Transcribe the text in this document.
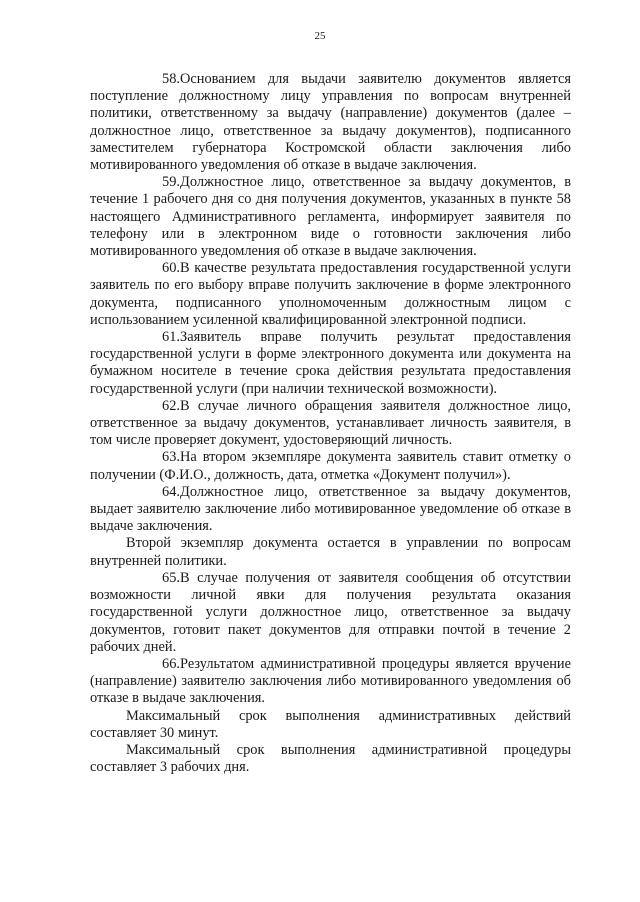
25

58.Основанием для выдачи заявителю документов является поступление должностному лицу управления по вопросам внутренней политики, ответственному за выдачу (направление) документов (далее – должностное лицо, ответственное за выдачу документов), подписанного заместителем губернатора Костромской области заключения либо мотивированного уведомления об отказе в выдаче заключения.

59.Должностное лицо, ответственное за выдачу документов, в течение 1 рабочего дня со дня получения документов, указанных в пункте 58 настоящего Административного регламента, информирует заявителя по телефону или в электронном виде о готовности заключения либо мотивированного уведомления об отказе в выдаче заключения.

60.В качестве результата предоставления государственной услуги заявитель по его выбору вправе получить заключение в форме электронного документа, подписанного уполномоченным должностным лицом с использованием усиленной квалифицированной электронной подписи.

61.Заявитель вправе получить результат предоставления государственной услуги в форме электронного документа или документа на бумажном носителе в течение срока действия результата предоставления государственной услуги (при наличии технической возможности).

62.В случае личного обращения заявителя должностное лицо, ответственное за выдачу документов, устанавливает личность заявителя, в том числе проверяет документ, удостоверяющий личность.

63.На втором экземпляре документа заявитель ставит отметку о получении (Ф.И.О., должность, дата, отметка «Документ получил»).

64.Должностное лицо, ответственное за выдачу документов, выдает заявителю заключение либо мотивированное уведомление об отказе в выдаче заключения.

Второй экземпляр документа остается в управлении по вопросам внутренней политики.

65.В случае получения от заявителя сообщения об отсутствии возможности личной явки для получения результата оказания государственной услуги должностное лицо, ответственное за выдачу документов, готовит пакет документов для отправки почтой в течение 2 рабочих дней.

66.Результатом административной процедуры является вручение (направление) заявителю заключения либо мотивированного уведомления об отказе в выдаче заключения.

Максимальный срок выполнения административных действий составляет 30 минут.

Максимальный срок выполнения административной процедуры составляет 3 рабочих дня.
